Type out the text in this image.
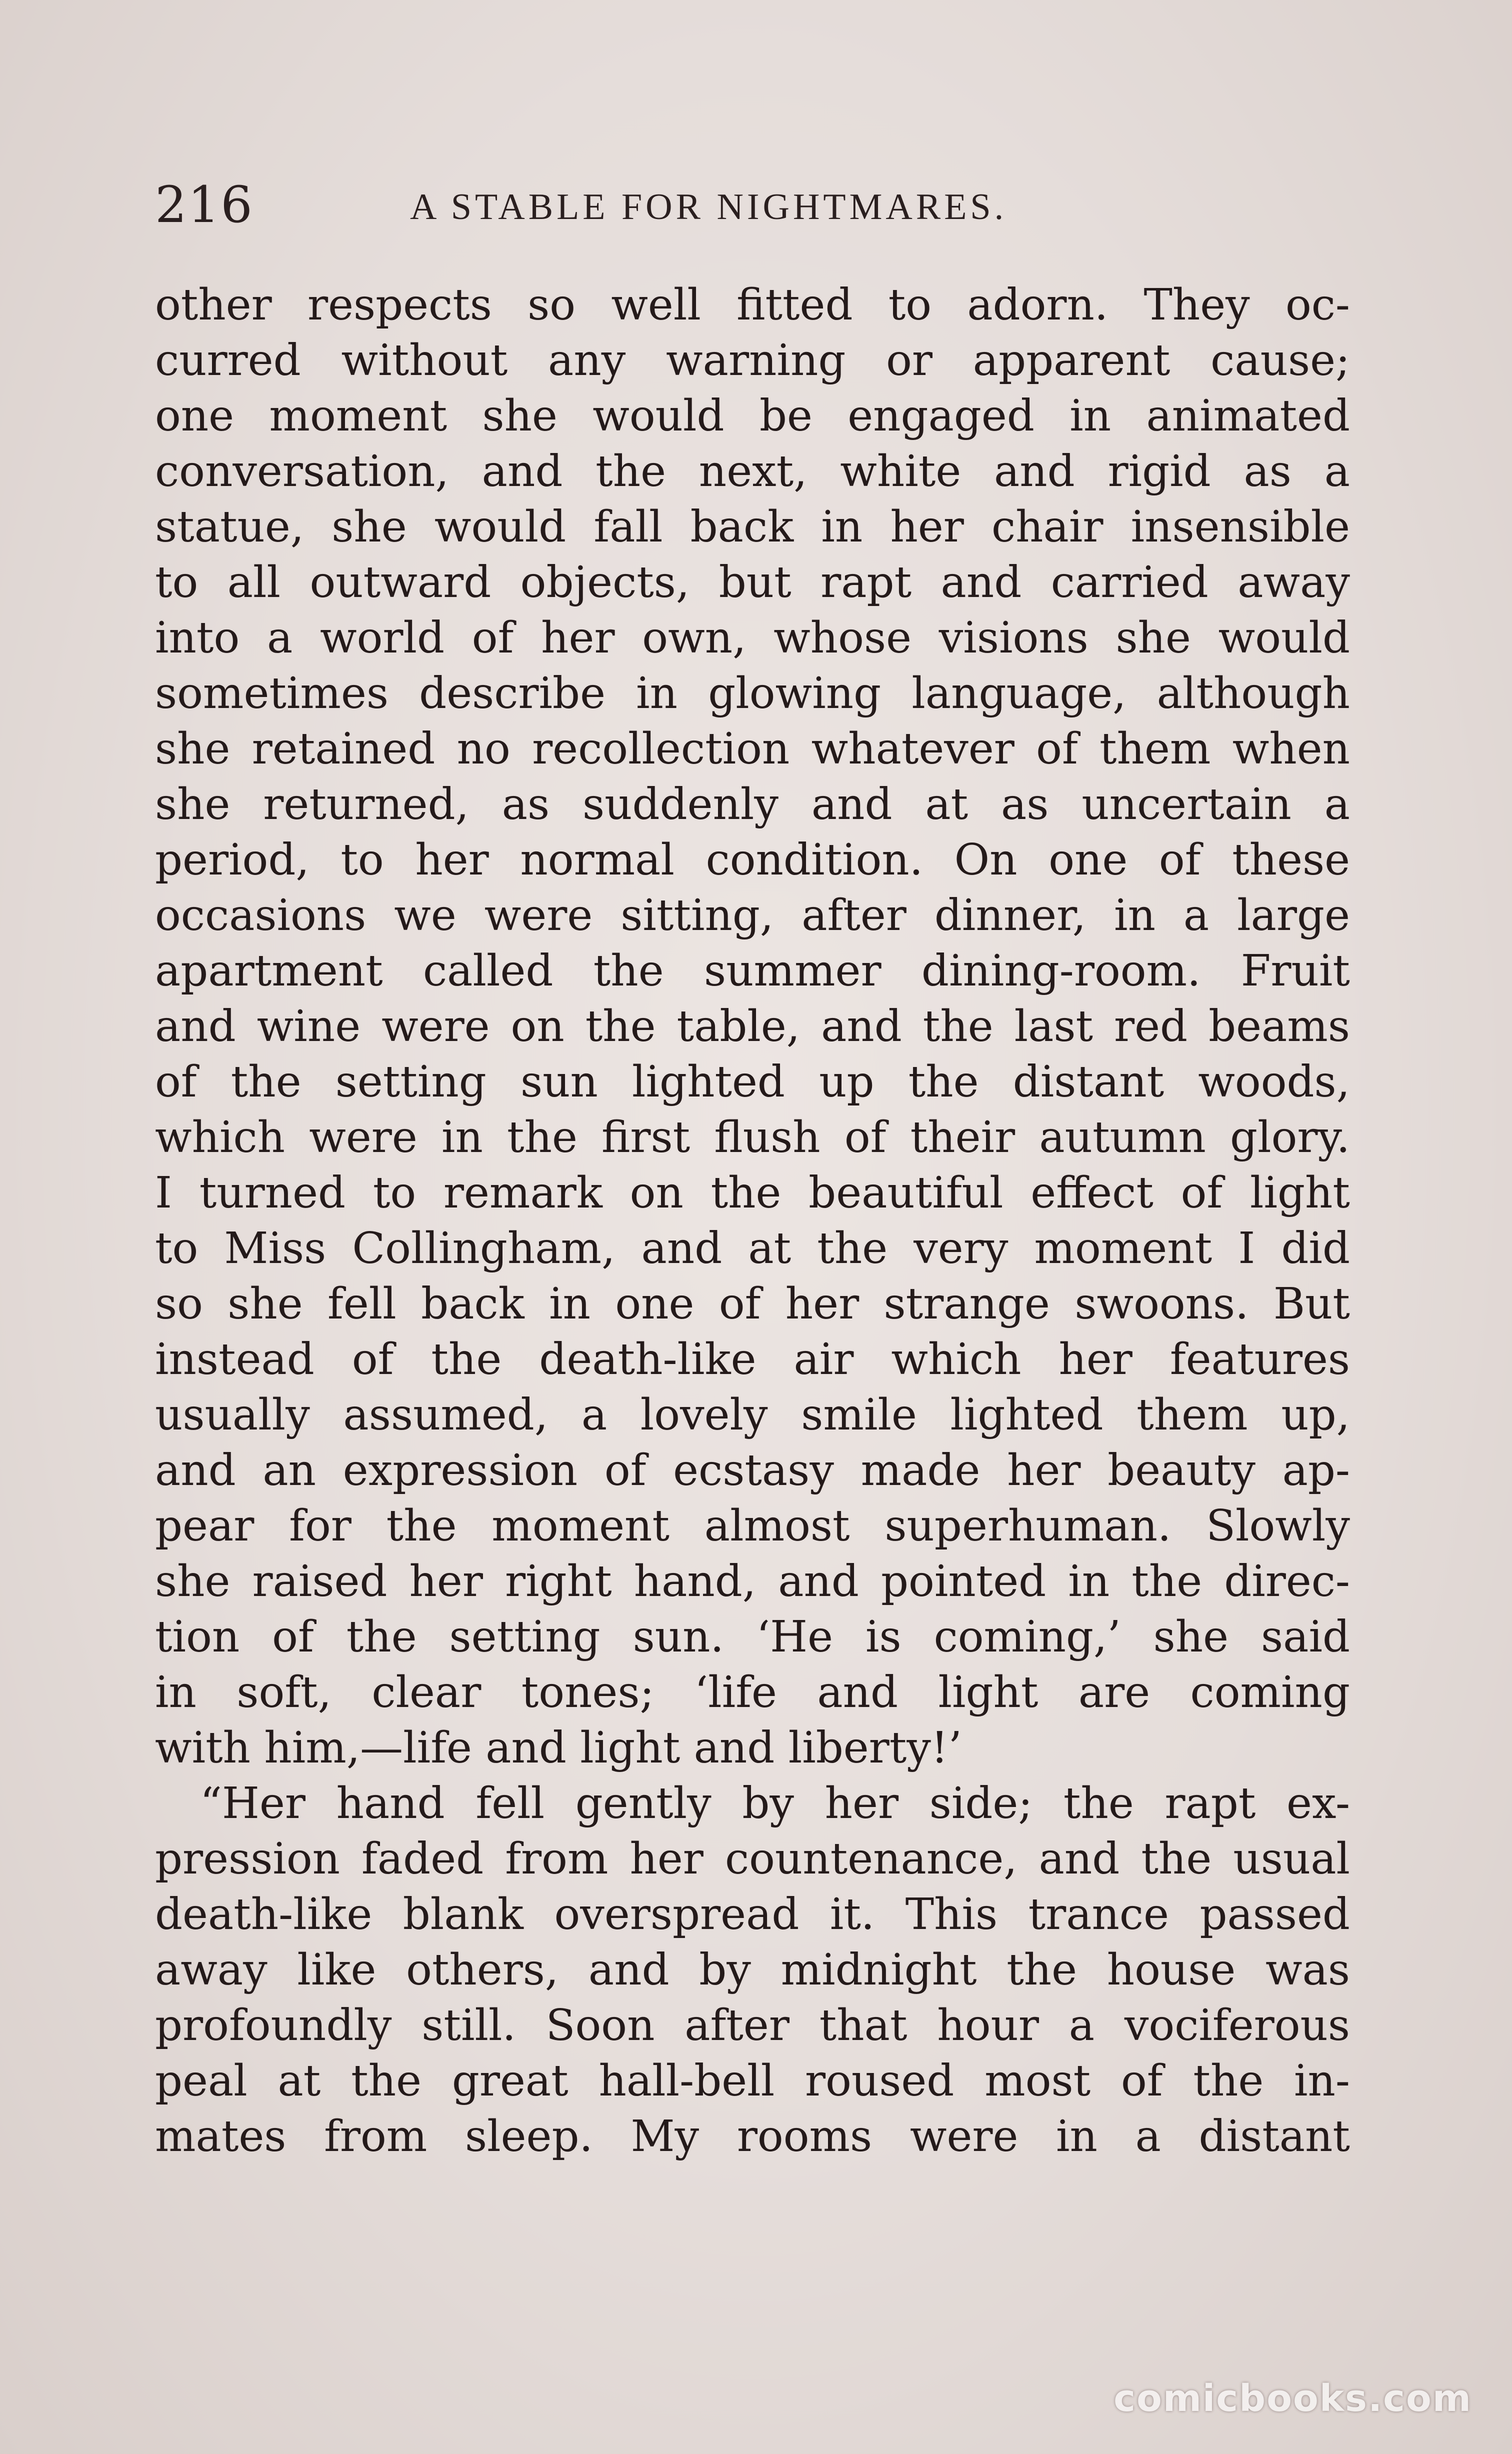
216	A STABLE FOR NIGHTMARES.
other respects so well fitted to adorn. They oc-
curred without any warning or apparent cause;
one moment she would be engaged in animated
conversation, and the next, white and rigid as a
statue, she would fall back in her chair insensible
to all outward objects, but rapt and carried away
into a world of her own, whose visions she would
sometimes describe in glowing language, although
she retained no recollection whatever of them when
she returned, as suddenly and at as uncertain a
period, to her normal condition. On one of these
occasions we were sitting, after dinner, in a large
apartment called the summer dining-room. Fruit
and wine were on the table, and the last red beams
of the setting sun lighted up the distant woods,
which were in the first flush of their autumn glory.
I turned to remark on the beautiful effect of light
to Miss Collingham, and at the very moment I did
so she fell back in one of her strange swoons. But
instead of the death-like air which her features
usually assumed, a lovely smile lighted them up,
and an expression of ecstasy made her beauty ap-
pear for the moment almost superhuman. Slowly
she raised her right hand, and pointed in the direc-
tion of the setting sun. ‘He is coming,’ she said
in soft, clear tones; ‘life and light are coming
with him,—life and light and liberty!’
“Her hand fell gently by her side; the rapt ex-
pression faded from her countenance, and the usual
death-like blank overspread it. This trance passed
away like others, and by midnight the house was
profoundly still. Soon after that hour a vociferous
peal at the great hall-bell roused most of the in-
mates from sleep. My rooms were in a distant
comicbooks.com
